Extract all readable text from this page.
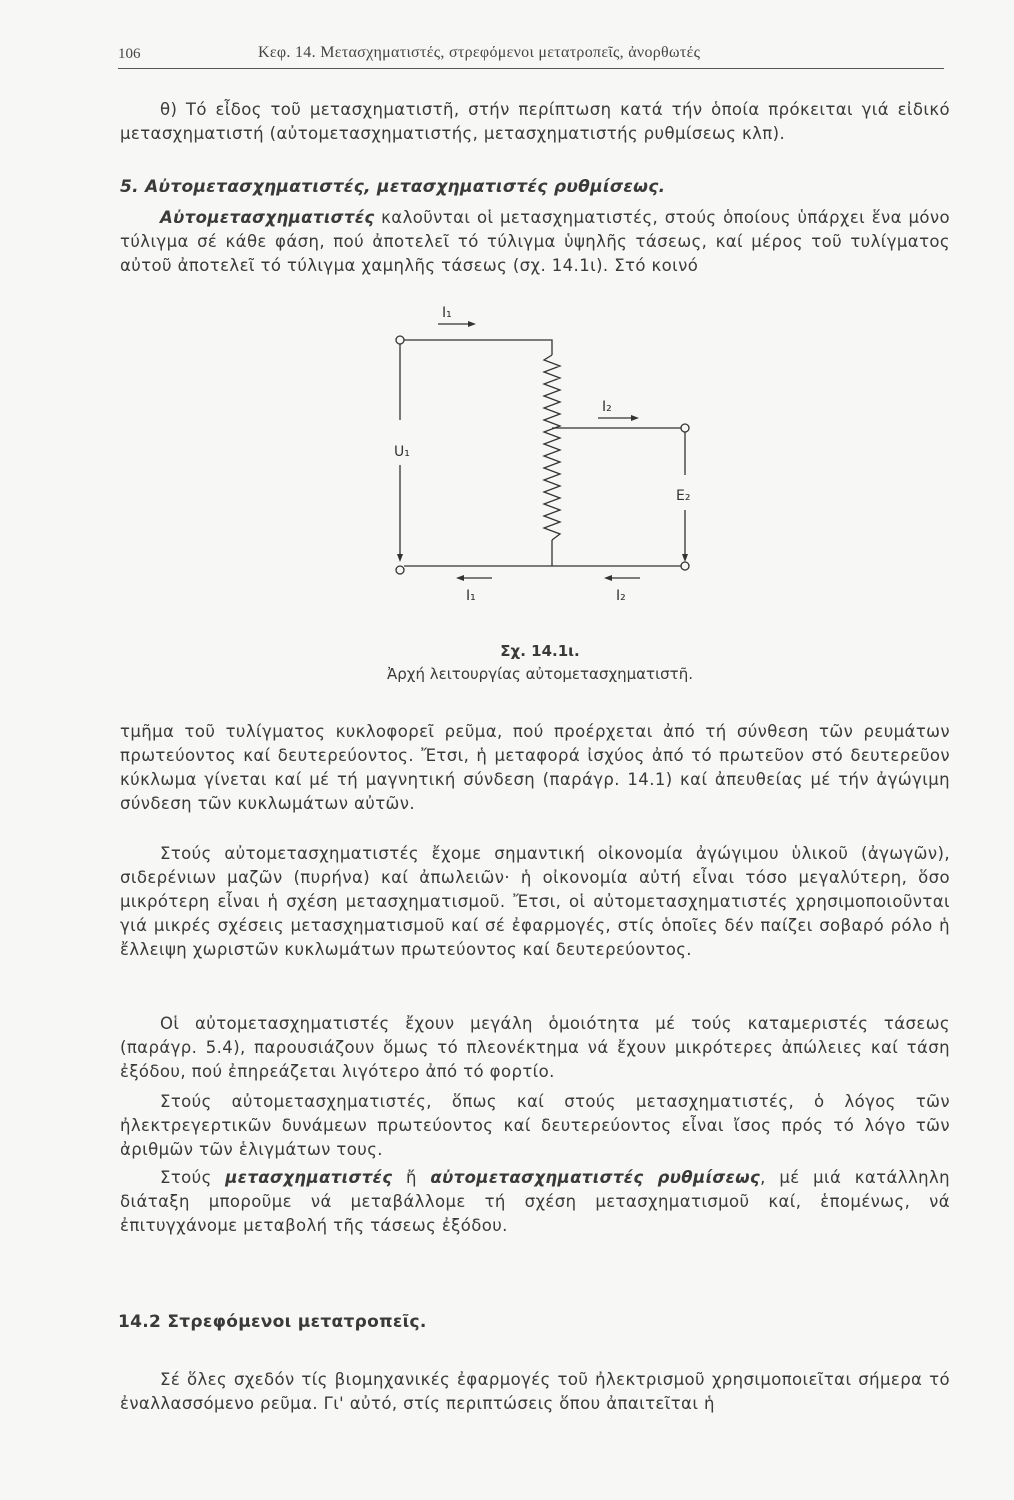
106	Κεφ. 14. Μετασχηματιστές, στρεφόμενοι μετατροπεῖς, ἀνορθωτές

θ) Τό εἶδος τοῦ μετασχηματιστῆ, στήν περίπτωση κατά τήν ὁποία πρόκειται γιά εἰδικό μετασχηματιστή (αὐτομετασχηματιστής, μετασχηματιστής ρυθμίσεως κλπ).

5. Αὐτομετασχηματιστές, μετασχηματιστές ρυθμίσεως.

Αὐτομετασχηματιστές καλοῦνται οἱ μετασχηματιστές, στούς ὁποίους ὑπάρχει ἕνα μόνο τύλιγμα σέ κάθε φάση, πού ἀποτελεῖ τό τύλιγμα ὑψηλῆς τάσεως, καί μέρος τοῦ τυλίγματος αὐτοῦ ἀποτελεῖ τό τύλιγμα χαμηλῆς τάσεως (σχ. 14.1ι). Στό κοινό

I₁
I₂
U₁
E₂
I₁	I₂

Σχ. 14.1ι.

Ἀρχή λειτουργίας αὐτομετασχηματιστῆ.

τμῆμα τοῦ τυλίγματος κυκλοφορεῖ ρεῦμα, πού προέρχεται ἀπό τή σύνθεση τῶν ρευμάτων πρωτεύοντος καί δευτερεύοντος. Ἔτσι, ἡ μεταφορά ἰσχύος ἀπό τό πρωτεῦον στό δευτερεῦον κύκλωμα γίνεται καί μέ τή μαγνητική σύνδεση (παράγρ. 14.1) καί ἀπευθείας μέ τήν ἀγώγιμη σύνδεση τῶν κυκλωμάτων αὐτῶν.

Στούς αὐτομετασχηματιστές ἔχομε σημαντική οἰκονομία ἀγώγιμου ὑλικοῦ (ἀγωγῶν), σιδερένιων μαζῶν (πυρήνα) καί ἀπωλειῶν· ἡ οἰκονομία αὐτή εἶναι τόσο μεγαλύτερη, ὅσο μικρότερη εἶναι ἡ σχέση μετασχηματισμοῦ. Ἔτσι, οἱ αὐτομετασχηματιστές χρησιμοποιοῦνται γιά μικρές σχέσεις μετασχηματισμοῦ καί σέ ἐφαρμογές, στίς ὁποῖες δέν παίζει σοβαρό ρόλο ἡ ἔλλειψη χωριστῶν κυκλωμάτων πρωτεύοντος καί δευτερεύοντος.

Οἱ αὐτομετασχηματιστές ἔχουν μεγάλη ὁμοιότητα μέ τούς καταμεριστές τάσεως (παράγρ. 5.4), παρουσιάζουν ὅμως τό πλεονέκτημα νά ἔχουν μικρότερες ἀπώλειες καί τάση ἐξόδου, πού ἐπηρεάζεται λιγότερο ἀπό τό φορτίο.

Στούς αὐτομετασχηματιστές, ὅπως καί στούς μετασχηματιστές, ὁ λόγος τῶν ἠλεκτρεγερτικῶν δυνάμεων πρωτεύοντος καί δευτερεύοντος εἶναι ἴσος πρός τό λόγο τῶν ἀριθμῶν τῶν ἑλιγμάτων τους.

Στούς μετασχηματιστές ἤ αὐτομετασχηματιστές ρυθμίσεως, μέ μιά κατάλληλη διάταξη μποροῦμε νά μεταβάλλομε τή σχέση μετασχηματισμοῦ καί, ἑπομένως, νά ἐπιτυγχάνομε μεταβολή τῆς τάσεως ἐξόδου.

14.2 Στρεφόμενοι μετατροπεῖς.

Σέ ὅλες σχεδόν τίς βιομηχανικές ἐφαρμογές τοῦ ἠλεκτρισμοῦ χρησιμοποιεῖται σήμερα τό ἐναλλασσόμενο ρεῦμα. Γι' αὐτό, στίς περιπτώσεις ὅπου ἀπαιτεῖται ἡ
